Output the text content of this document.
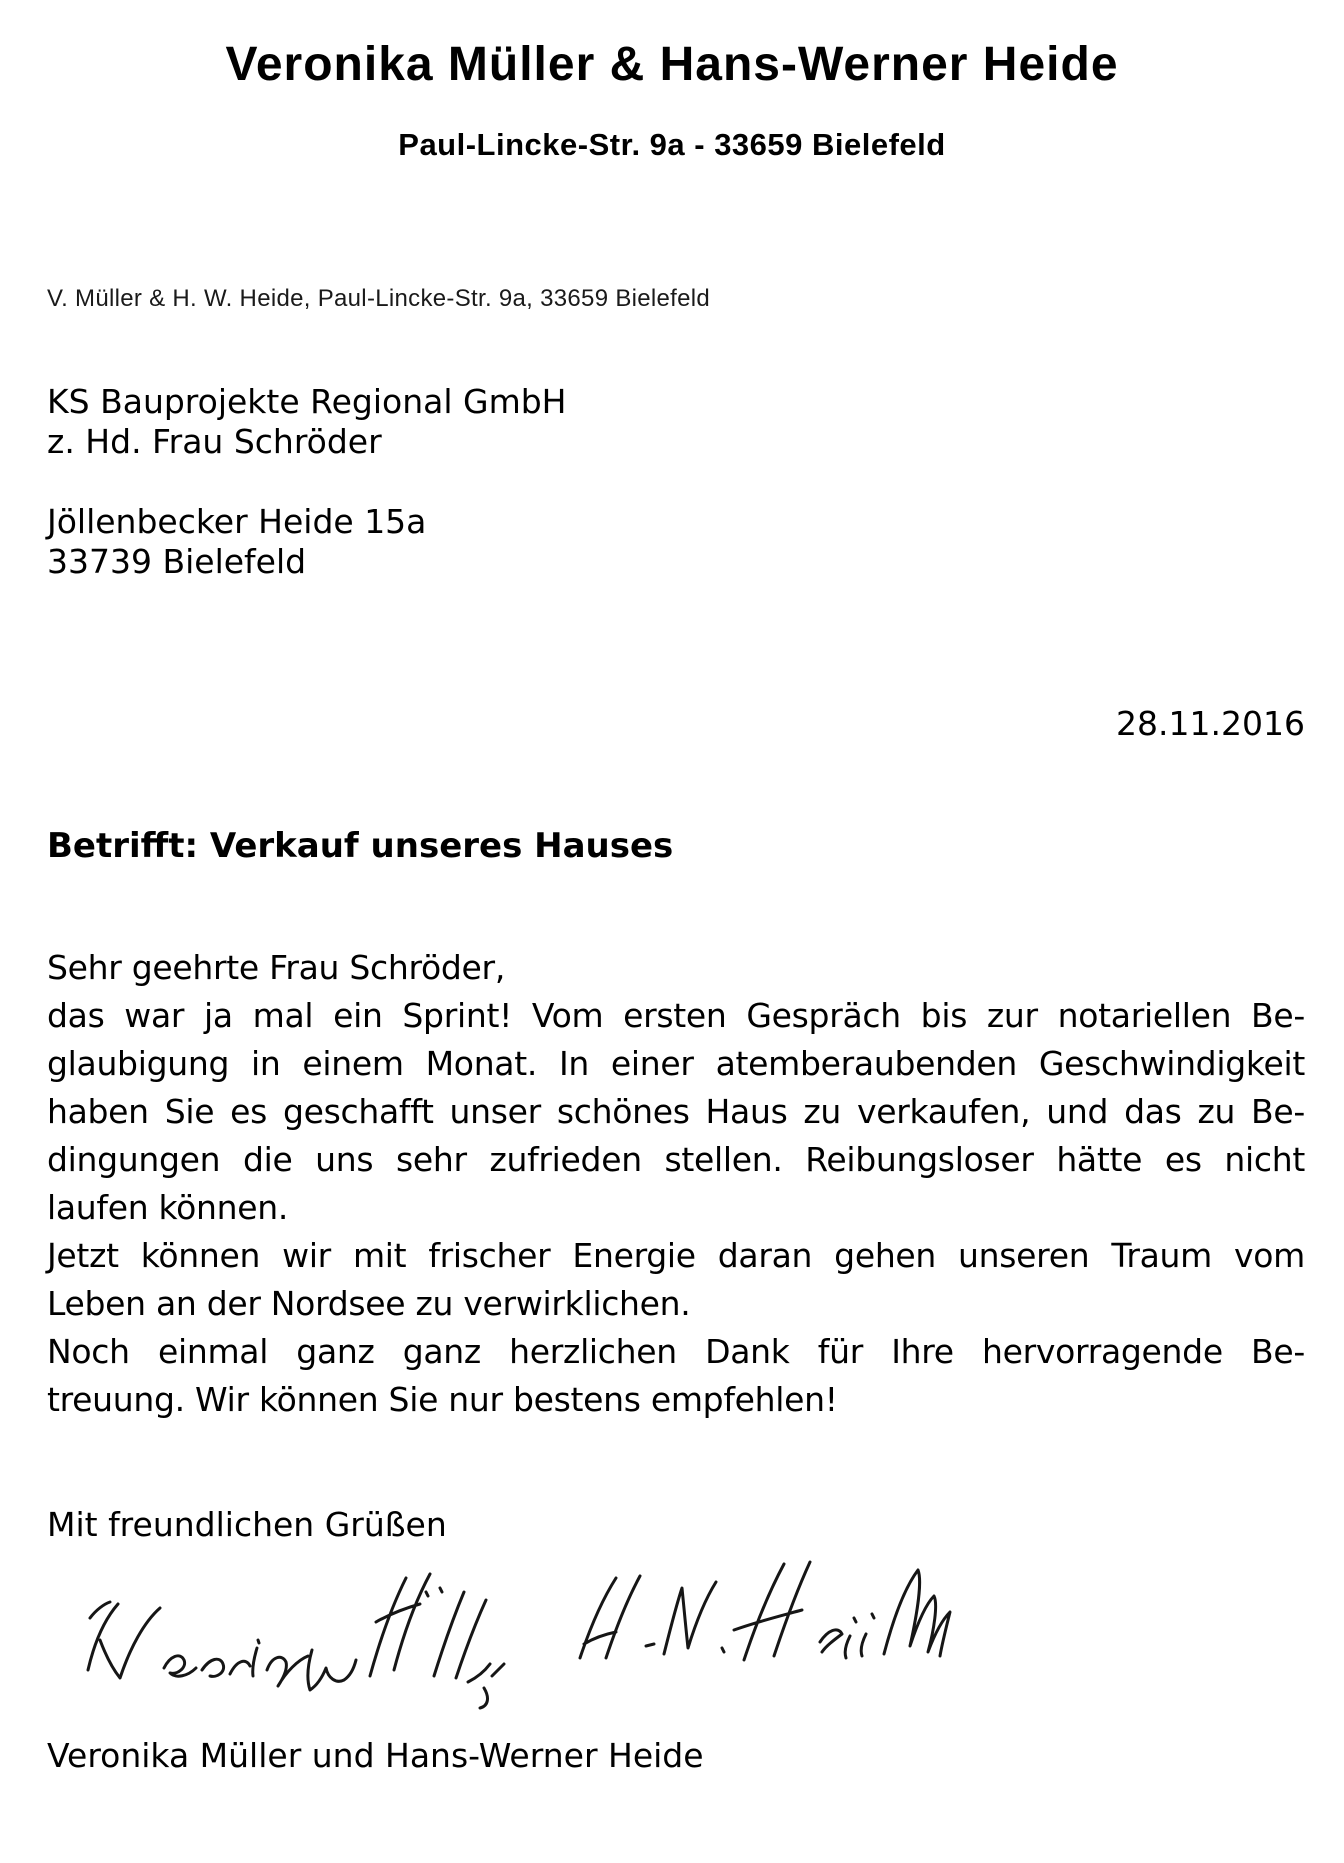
Veronika Müller & Hans-Werner Heide
Paul-Lincke-Str. 9a - 33659 Bielefeld
V. Müller & H. W. Heide, Paul-Lincke-Str. 9a, 33659 Bielefeld
KS Bauprojekte Regional GmbH
z. Hd. Frau Schröder

Jöllenbecker Heide 15a
33739 Bielefeld
28.11.2016
Betrifft: Verkauf unseres Hauses
Sehr geehrte Frau Schröder,
das war ja mal ein Sprint! Vom ersten Gespräch bis zur notariellen Be-
glaubigung in einem Monat. In einer atemberaubenden Geschwindigkeit
haben Sie es geschafft unser schönes Haus zu verkaufen, und das zu Be-
dingungen die uns sehr zufrieden stellen. Reibungsloser hätte es nicht
laufen können.
Jetzt können wir mit frischer Energie daran gehen unseren Traum vom
Leben an der Nordsee zu verwirklichen.
Noch einmal ganz ganz herzlichen Dank für Ihre hervorragende Be-
treuung. Wir können Sie nur bestens empfehlen!
Mit freundlichen Grüßen
Veronika Müller und Hans-Werner Heide
